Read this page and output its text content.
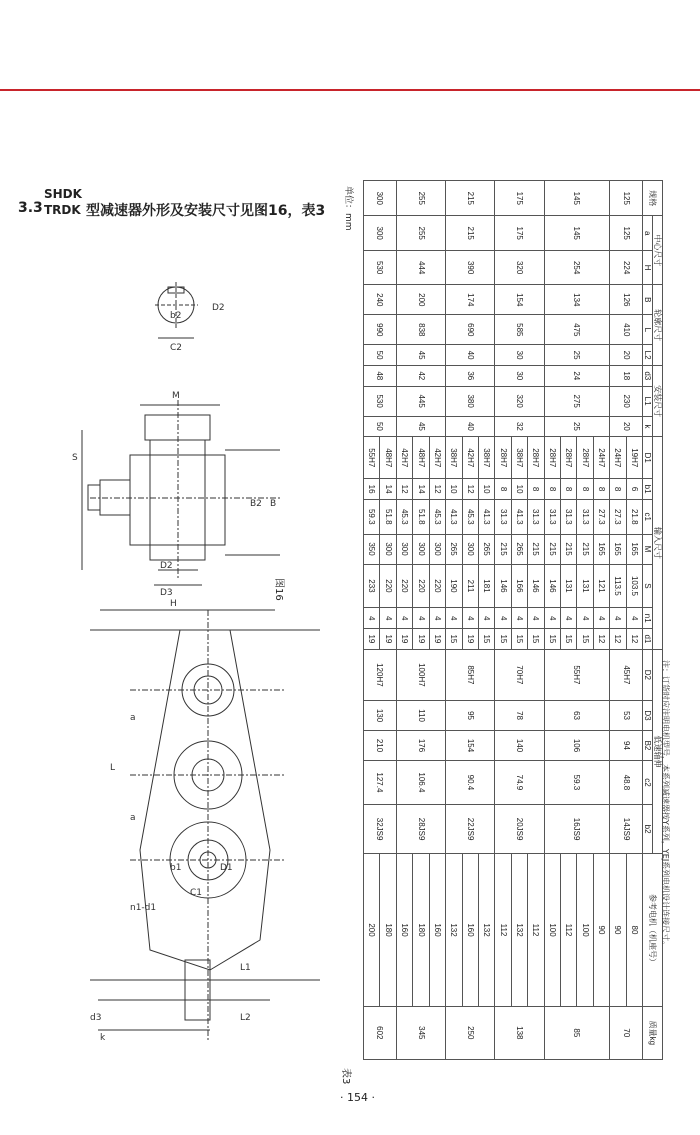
3.3
SHDK
TRDK 型减速器外形及安装尺寸见图16，表3
b2
C2
D2
S
M
B2 B
D2
D3
H
L
a
a
d3
k
L2
L1
n1-d1
b1
C1
D1
图16
单位：mm	规格	中心尺寸		轮廓尺寸			安装尺寸			输入尺寸							低速轴伸					参考电机（机座号）	质量kg
	a	H	B	L	L2	d3	L1	k	D1	b1	c1	M	S	n1	d1	D2	D3	B2	c2	b2		
125	125	224	126	410	20	18	230	20	19H7	6	21.8	165	103.5	4	12	45H7	53	94	48.8	14JS9	80	70
									24H7	8	27.3	165	113.5	4	12						90	
145	145	254	134	475	25	24	275	25	24H7	8	27.3	165	121	4	12	55H7	63	106	59.3	16JS9	90	85
									28H7	8	31.3	215	131	4	15						100	
									28H7	8	31.3	215	131	4	15						112	
									28H7	8	31.3	215	146	4	15						100	
175	175	320	154	585	30	30	320	32	28H7	8	31.3	215	146	4	15	70H7	78	140	74.9	20JS9	112	138
									38H7	10	41.3	265	166	4	15						132	
									28H7	8	31.3	215	146	4	15						112	
215	215	390	174	690	40	36	380	40	38H7	10	41.3	265	181	4	15	85H7	95	154	90.4	22JS9	132	250
									42H7	12	45.3	300	211	4	19						160	
									38H7	10	41.3	265	190	4	15						132	
255	255	444	200	838	45	42	445	45	42H7	12	45.3	300	220	4	19	100H7	110	176	106.4	28JS9	160	345
									48H7	14	51.8	300	220	4	19						180	
									42H7	12	45.3	300	220	4	19						160	
300	300	530	240	990	50	48	530	50	48H7	14	51.8	300	220	4	19	120H7	130	210	127.4	32JS9	180	602
									55H7	16	59.3	350	233	4	19						200	
表3
注：订货时应注明电机型号，本系列减速器按Y系列，YEJ系列电机设计连接尺寸。
· 154 ·
